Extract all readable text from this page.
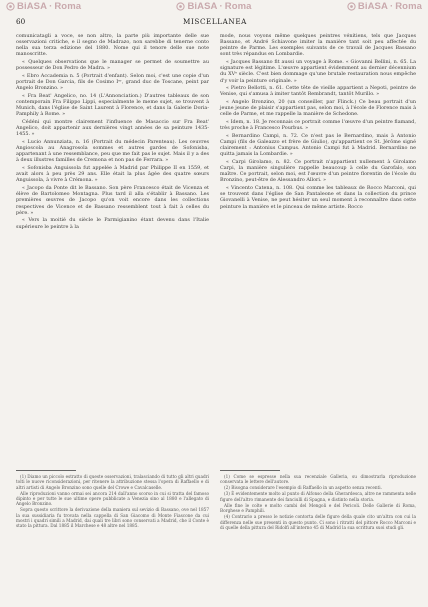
BiASA · Roma	BiASA · Roma	BiASA · Roma
60	MISCELLANEA

comunicatagli a voce, se non altro, la parte più importante delle sue osservazioni critiche, e il segno de Madrazo, non sarebbe di tenerne conto nella sua terza edizione del 1880. Nome qui il tenore delle sue note manoscritte.

« Quelques observations que le manager se permet de soumettre au possesseur de Don Pedro de Madra. »

« Ebro Accademia n. 5 (Portrait d'enfant). Selon moi, c'est une copie d'un portrait de Don Garcia, fils de Cosimo Iᵉʳ, grand duc de Toscane, peint par Angelo Bronzino. »

« Fra Beat' Angelico, no. 14 (L'Annonciation.) D'autres tableaux de son contemporain Fra Filippo Lippi, especialmente le meme sujet, se trouvent à Munich, dans l'église de Saint Laurent à Florence, et dans la Galerie Doria-Pamphily à Rome. »

Cédéni qui montre clairement l'influence de Masaccio sur Fra Beat' Angelico, doit appartenir aux dernières vingt années de sa peinture 1435-1455. »

« Lucio Annunziata, n. 16 (Portrait du médecin Parenteau). Les ceuvres Angioscola au Anagrosola sommes et autres gardes de Sofonisba, appartenant à une ressemblance, peu que me fait pas le sujet. Mais il y a des à deux illustres familles de Cremona et non pas de Ferrara. »

« Sofonisba Anguissola fut appelée à Madrid par Philippe II en 1559, et avait alors à peu près 29 ans. Elle était la plus âgée des quatre sœurs Anguissola, à vivre à Crémona. »

« Jacopo da Ponte dit le Bassano. Son père Francesco était de Vicenza et élève de Bartolomeo Montagna. Plus tard il alla s'établir à Bassano. Les premières œuvres de Jacopo qu'on voit encore dans les collections respectives de Vicence et de Bassano ressemblent tout à fait à celles du père. »

« Vers la moitié du siècle le Parmigianino étant devenu dans l'Italie supérieure le peintre à la

mode, nous voyons même quelques peintres vénitiens, tels que Jacques Bassano, et André Schiavone imiter la manière tant soit peu affectée du peintre de Parme. Les exemples suivants de ce travail de Jacques Bassano sont très répandus en Lombardie.

« Jacques Bassano fit aussi un voyage à Rome. « Giovanni Bellini, n. 65. La signature est légitime. L'œuvre appartient évidemment au dernier décennium du XVᵉ siècle. C'est bien dommage qu'une brutale restauration nous empêche d'y voir la peinture originale. »

« Pietro Bellotti, n. 61. Cette tête de vieille appartient a Nepoti, peintre de Venise, qui s'amusa à imiter tantôt Rembrandt, tantôt Murillo. »

« Angelo Bronzino, 20 (un conseiller, par Flinck.) Ce beau portrait d'un jeune jeune de plaisir s'appartient pas, selon moi, à l'école de Florence mais à celle de Parme, et me rappelle la manière de Schedone.

« Idem, n. 18. Je reconnais ce portrait comme l'œuvre d'un peintre flamand, très proche à Francesco Pourbus. »

« Bernardino Campi, n. 72. Ce n'est pas le Bernardino, mais à Antonio Campi (fils de Galeazzo et frère de Giulio), qu'appartient ce St. Jérôme signé clairement : Antonius Campus. Antonio Campi fut à Madrid. Bernardino ne quitta jamais la Lombardie. »

« Carpi Girolamo, n. 82. Ce portrait n'appartient nullement à Girolamo Carpi, la manière singulière rappelle beaucoup à celle du Garofalo, son maître. Ce portrait, selon moi, est l'œuvre d'un peintre florentin de l'école du Bronzino, peut-être de Alessandro Allori. »

« Vincento Catena, n. 108. Qui comme les tableaux de Rocco Marconi, qui se trouvent dans l'église de San Pantaleone et dans la collection du prince Giovanelli à Venise, ne peut hésiter un seul moment à reconnaître dans cette peinture la manière et le pinceau de même artiste. Rocco

(1) Diamo un piccolo estratto di queste osservazioni, tralasciando di tutto gli altri quadri tolti le nuove riconsiderazioni, per ritenere la attribuzione stessa l'opera di Raffaello e di altri artisti di Angelo Bronzino sono quelle del Crowe e Cavalcaselle.

Alle riproduzioni vanno ormai sei ancora 214 dall'anno scorso in cui si tratta del famoso dipinto e per tutte le sue ultime opere pubblicate a Venezia sino al 1880 e l'allegato di Angelo Bronzino.

Sopra questo scrittore la derivazione della maniera sul sevizio di Bassano, ove nel 1857 la sua sussidiaria fu trovata nella cappella di San Giacomo di Monte Fiascone da cui mostri i quadri simili a Madrid, dai quali tre libri sono conservati a Madrid, che il Conte è stato la pittura. Dal 1885 il Marchese e 48 altre nel 1885.

(1) Come se espresse nella sua recenziale Galleria, su dimostrarla riproduzione conservata le lettere dell'autore.

(2) Bisogna considerare l'esempio di Raffaello in un aspetto senza recenti.

(3) È evidentemente molto al punto di Alfonso della Gherardesca, altre ne rammenta nelle figure dell'altro rimanente dei fanciulli di Spagna, e distinto nella storia.

Alle fine le colte e molto cambi del Mengoli e del Pericoli. Delle Gallerie di Roma, Borghese e Pamphili.

(4) Contrario a presso le notizie contorta delle figure della quale cito un'altra con cui la differenza nelle sue presenti in questo punto. Ci sono i ritratti del pittore Rocco Marconi e di quelle della pittura del Ridolfi all'interno 45 di Madrid la sua scrittura suoi studi gli.
